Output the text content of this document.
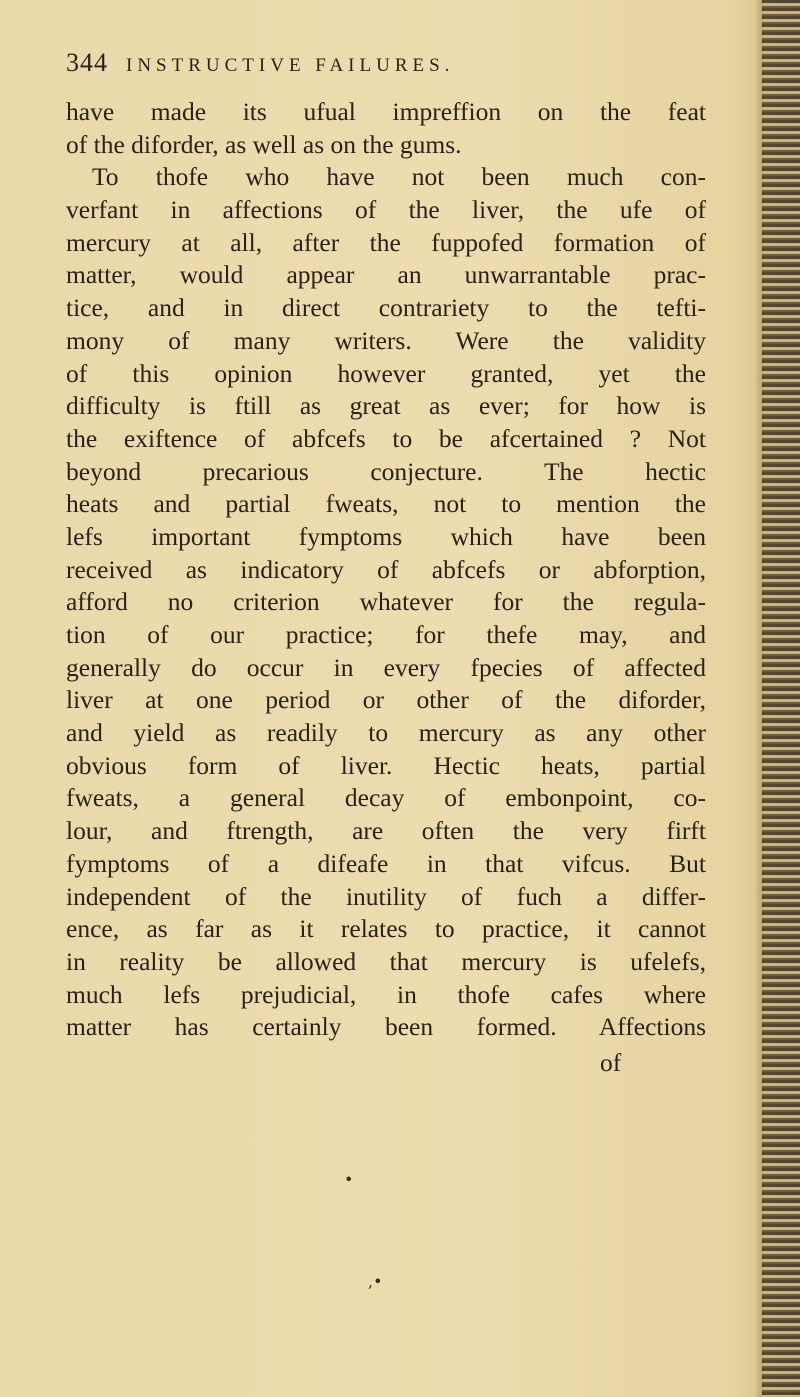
344 INSTRUCTIVE FAILURES.
have made its ufual impreffion on the feat
of the diforder, as well as on the gums.
To thofe who have not been much con-
verfant in affections of the liver, the ufe of
mercury at all, after the fuppofed formation of
matter, would appear an unwarrantable prac-
tice, and in direct contrariety to the tefti-
mony of many writers. Were the validity
of this opinion however granted, yet the
difficulty is ftill as great as ever; for how is
the exiftence of abfcefs to be afcertained ? Not
beyond precarious conjecture. The hectic
heats and partial fweats, not to mention the
lefs important fymptoms which have been
received as indicatory of abfcefs or abforption,
afford no criterion whatever for the regula-
tion of our practice; for thefe may, and
generally do occur in every fpecies of affected
liver at one period or other of the diforder,
and yield as readily to mercury as any other
obvious form of liver. Hectic heats, partial
fweats, a general decay of embonpoint, co-
lour, and ftrength, are often the very firft
fymptoms of a difeafe in that vifcus. But
independent of the inutility of fuch a differ-
ence, as far as it relates to practice, it cannot
in reality be allowed that mercury is ufelefs,
much lefs prejudicial, in thofe cafes where
matter has certainly been formed. Affections
of
•
,•
